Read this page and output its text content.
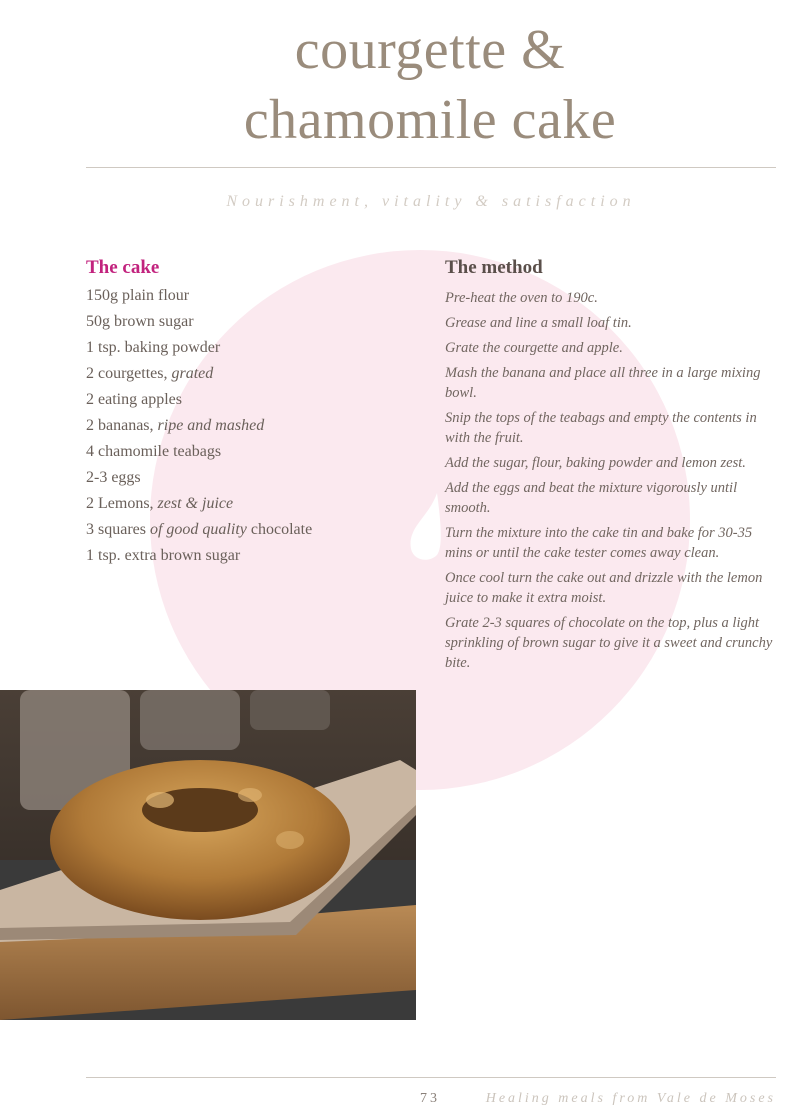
courgette &
chamomile cake
Nourishment, vitality & satisfaction
The cake
150g plain flour
50g brown sugar
1 tsp. baking powder
2 courgettes, grated
2 eating apples
2 bananas, ripe and mashed
4 chamomile teabags
2-3 eggs
2 Lemons, zest & juice
3 squares of good quality chocolate
1 tsp. extra brown sugar
The method
Pre-heat the oven to 190c.
Grease and line a small loaf tin.
Grate the courgette and apple.
Mash the banana and place all three in a large mixing bowl.
Snip the tops of the teabags and empty the contents in with the fruit.
Add the sugar, flour, baking powder and lemon zest.
Add the eggs and beat the mixture vigorously until smooth.
Turn the mixture into the cake tin and bake for 30-35 mins or until the cake tester comes away clean.
Once cool turn the cake out and drizzle with the lemon juice to make it extra moist.
Grate 2-3 squares of chocolate on the top, plus a light sprinkling of brown sugar to give it a sweet and crunchy bite.
73	Healing meals from Vale de Moses
